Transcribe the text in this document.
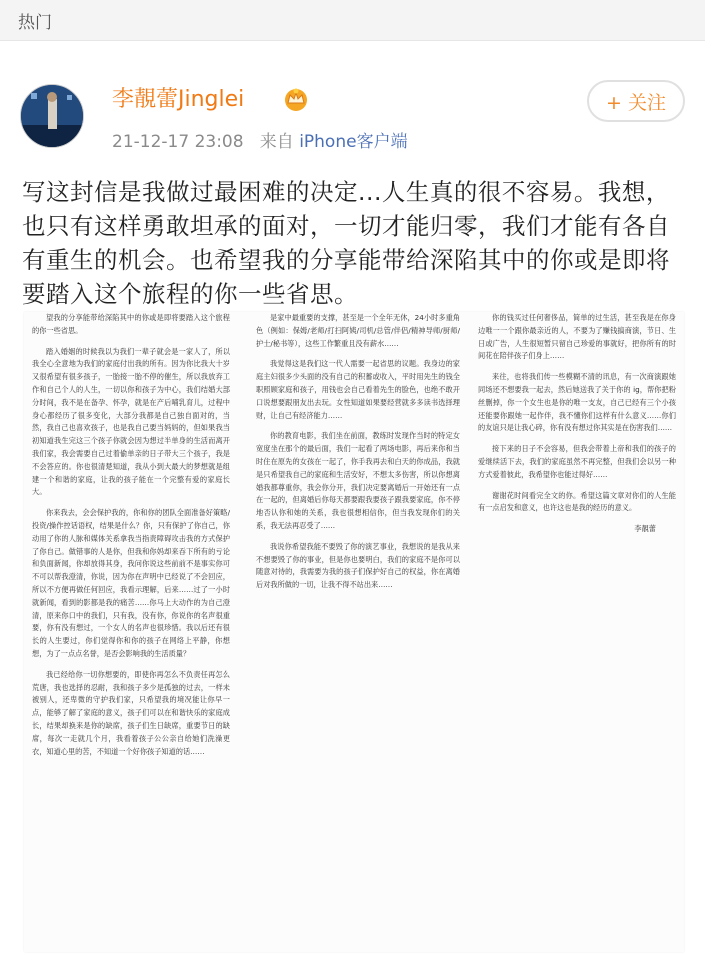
热门
李靚蕾Jinglei
21-12-17 23:08 来自 iPhone客户端
+ 关注
写这封信是我做过最困难的决定...人生真的很不容易。我想，也只有这样勇敢坦承的面对，一切才能归零，我们才能有各自有重生的机会。也希望我的分享能带给深陷其中的你或是即将要踏入这个旅程的你一些省思。

望我的分享能带给深陷其中的你或是即将要踏入这个旅程的你一些省思。

踏入婚姻的时候我以为我们一辈子就会是一家人了，所以我全心全意地为我们的家庭付出我的所有。因为你比我大十岁又很希望有很多孩子，一胎接一胎不停的催生，所以我放弃工作和自己个人的人生，一切以你和孩子为中心，我们结婚大部分时间，我不是在备孕、怀孕，就是在产后哺乳育儿，过程中身心都经历了很多变化，大部分我都是自己独自面对的，当然，我自己也喜欢孩子，也是我自己要当妈妈的，但如果我当初知道我生完这三个孩子你就会因为想过半单身的生活而离开我们家，我会需要自己过着偷单亲的日子带大三个孩子，我是不会答应的。你也很清楚知道，我从小到大最大的梦想就是组建一个和谐的家庭，让我的孩子能在一个完整有爱的家庭长大。

你来我去，会会保护我的，你和你的团队全面准备好策略/投资/操作控话语权，结果是什么？你，只有保护了你自己，你动用了你的人脉和媒体关系拿我当指责障碍攻击我的方式保护了你自己。做错事的人是你，但我和你妈却来吞下所有的亏论和负面新闻，你却放得其身，我问你说这些前前不是事实你可不可以帮我澄清，你说，因为你在声明中已经说了不会回应，所以不方便再做任何回应，我看示理解，后来……过了一小时就新闻，看到的影都是我的痛苦……你马上大动作的为自己澄清，原来你口中的我们，只有我，没有你，你说你的名声很重要，你有没有想过，一个女人的名声也很珍惜。我以后还有很长的人生要过，你们觉得你和你的孩子在网络上平静，你想想，为了一点点名誉，是否会影响我的生活质量？

我已经给你一切你想要的，即使你再怎么不负责任再怎么荒唐，我也选择的忍耐，我和孩子多少是孤独的过去，一样未被别人，还卑微的守护我们家，只希望我的境况能让你早一点，能够了解了家庭的意义，孩子们可以在和谐快乐的家庭成长，结果却换来是你的缺席，孩子们生日缺席，重要节日的缺席，每次一走就几个月，我看着孩子公公亲自给她们洗澡更衣，知道心里的苦，不知道一个好你孩子知道的话……

是家中最重要的支撑，甚至是一个全年无休，24小时多重角色（例如：保姆/老师/打扫阿姨/司机/总管/伴侣/精神导师/厨师/护士/秘书等），这些工作繁重且没有薪水……

我觉得这是我们这一代人需要一起省思的议题。我身边的家庭主妇很多少头面的没有自己的积蓄或收入，平时用先生的钱全职照顾家庭和孩子，用钱也会自己看着先生的脸色，也绝不敢开口说想要跟朋友出去玩。女性知道如果要经营就多多读书选择理财，让自己有经济能力……

你的教育电影，我们坐在前面，教练时发现作当时的特定女宽度坐在那个的最后面，我们一起看了两场电影，再后来你和当时住在原先的女孩在一起了，你手我再去和白天的你成品，我就是只希望我自己的家庭和生活安好，不想太多伤害，所以你想离婚我都尊重你，我会你分开，我们决定要离婚后一开始还有一点在一起的，但离婚后你每天都要跟我要孩子跟我要家庭，你不停地否认你和她的关系，我也很想相信你，但当我发现你们的关系，我无法再忍受了……

我说你希望我能不要毁了你的演艺事业，我想说的是我从来不想要毁了你的事业，但是你也要明白，我们的家庭不是你可以随意对待的，我需要为我的孩子们保护好自己的权益，你在离婚后对我所做的一切，让我不得不站出来……

你的钱买过任何奢侈品，简单的过生活，甚至我是在你身边唯一一个跟你最亲近的人，不要为了赚钱搞商演，节日、生日或广告，人生很短暂只留自己珍爱的事就好，把你所有的时间花在陪伴孩子们身上……

来往，也将我们传一些模糊不清的讯息，有一次商演跟她同场还不想要我一起去，然后她送我了关于你的 ig，帮你把粉丝删掉，你一个女生也是你的唯一支友，自己已经有三个小孩还能要你跟她一起作伴，我不懂你们这样有什么意义……你们的友谊只是让我心碎，你有没有想过你其实是在伤害我们……

接下来的日子不会容易，但我会带着上帝和我们的孩子的爱继续活下去，我们的家庭虽然不再完整，但我们会以另一种方式爱着彼此，我希望你也能过得好……

谢谢花时间看完全文的你。希望这篇文章对你们的人生能有一点启发和意义，也许这也是我的经历的意义。

李靚蕾
